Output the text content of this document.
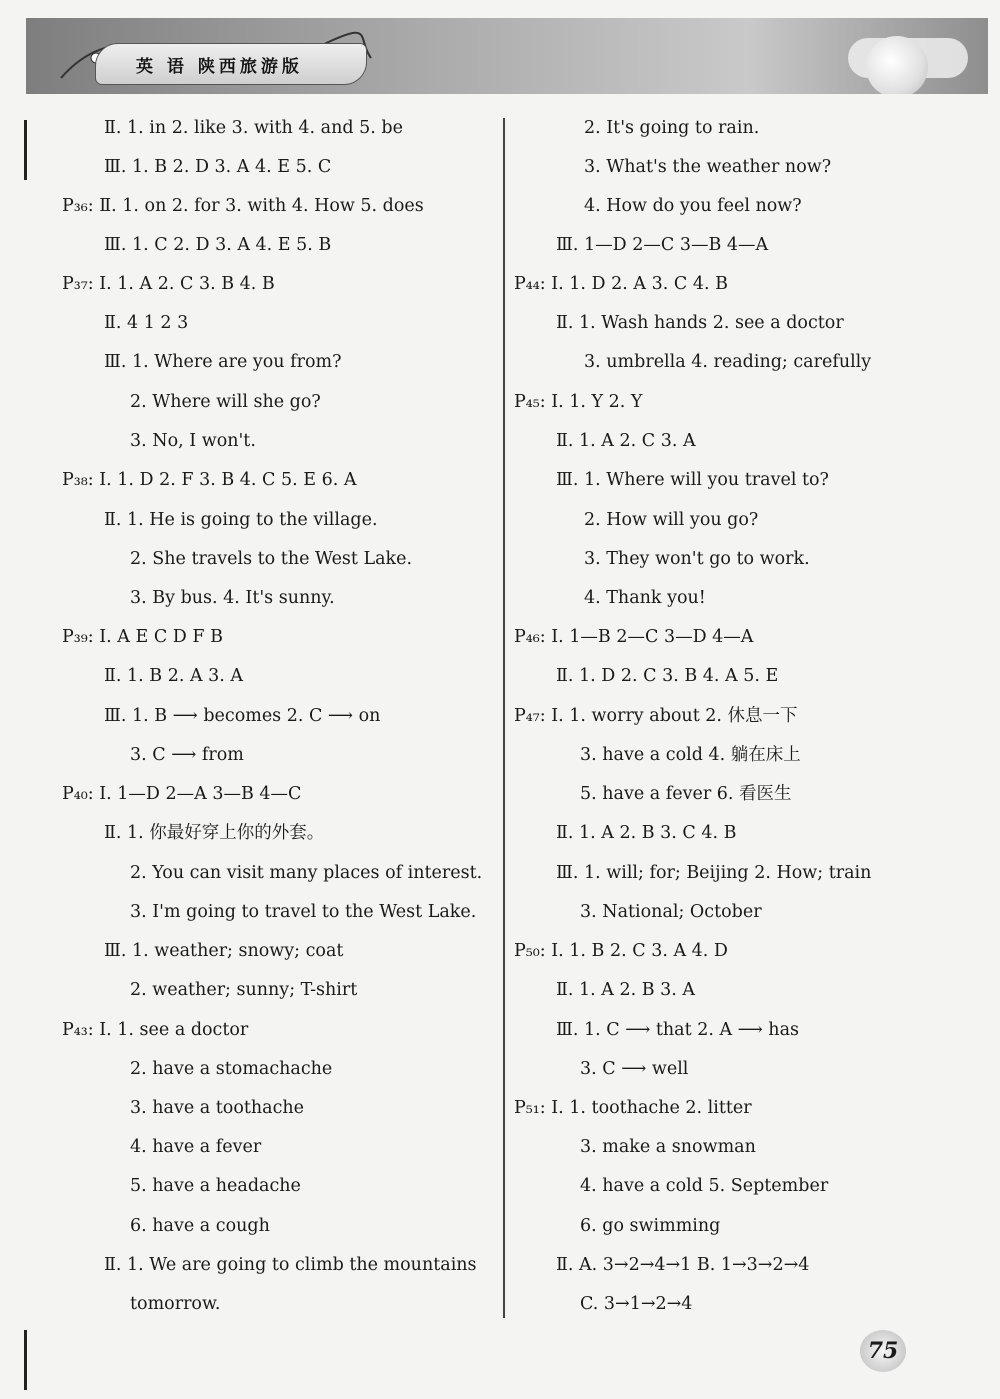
英 语 陕西旅游版
Ⅱ. 1. in 2. like 3. with 4. and 5. be
Ⅲ. 1. B 2. D 3. A 4. E 5. C
P₃₆: Ⅱ. 1. on 2. for 3. with 4. How 5. does
Ⅲ. 1. C 2. D 3. A 4. E 5. B
P₃₇: Ⅰ. 1. A 2. C 3. B 4. B
Ⅱ. 4 1 2 3
Ⅲ. 1. Where are you from?
2. Where will she go?
3. No, I won't.
P₃₈: Ⅰ. 1. D 2. F 3. B 4. C 5. E 6. A
Ⅱ. 1. He is going to the village.
2. She travels to the West Lake.
3. By bus. 4. It's sunny.
P₃₉: Ⅰ. A E C D F B
Ⅱ. 1. B 2. A 3. A
Ⅲ. 1. B ⟶ becomes 2. C ⟶ on
3. C ⟶ from
P₄₀: Ⅰ. 1—D 2—A 3—B 4—C
Ⅱ. 1. 你最好穿上你的外套。
2. You can visit many places of interest.
3. I'm going to travel to the West Lake.
Ⅲ. 1. weather; snowy; coat
2. weather; sunny; T-shirt
P₄₃: Ⅰ. 1. see a doctor
2. have a stomachache
3. have a toothache
4. have a fever
5. have a headache
6. have a cough
Ⅱ. 1. We are going to climb the mountains
tomorrow.
2. It's going to rain.
3. What's the weather now?
4. How do you feel now?
Ⅲ. 1—D 2—C 3—B 4—A
P₄₄: Ⅰ. 1. D 2. A 3. C 4. B
Ⅱ. 1. Wash hands 2. see a doctor
3. umbrella 4. reading; carefully
P₄₅: Ⅰ. 1. Y 2. Y
Ⅱ. 1. A 2. C 3. A
Ⅲ. 1. Where will you travel to?
2. How will you go?
3. They won't go to work.
4. Thank you!
P₄₆: Ⅰ. 1—B 2—C 3—D 4—A
Ⅱ. 1. D 2. C 3. B 4. A 5. E
P₄₇: Ⅰ. 1. worry about 2. 休息一下
3. have a cold 4. 躺在床上
5. have a fever 6. 看医生
Ⅱ. 1. A 2. B 3. C 4. B
Ⅲ. 1. will; for; Beijing 2. How; train
3. National; October
P₅₀: Ⅰ. 1. B 2. C 3. A 4. D
Ⅱ. 1. A 2. B 3. A
Ⅲ. 1. C ⟶ that 2. A ⟶ has
3. C ⟶ well
P₅₁: Ⅰ. 1. toothache 2. litter
3. make a snowman
4. have a cold 5. September
6. go swimming
Ⅱ. A. 3→2→4→1 B. 1→3→2→4
C. 3→1→2→4
75
